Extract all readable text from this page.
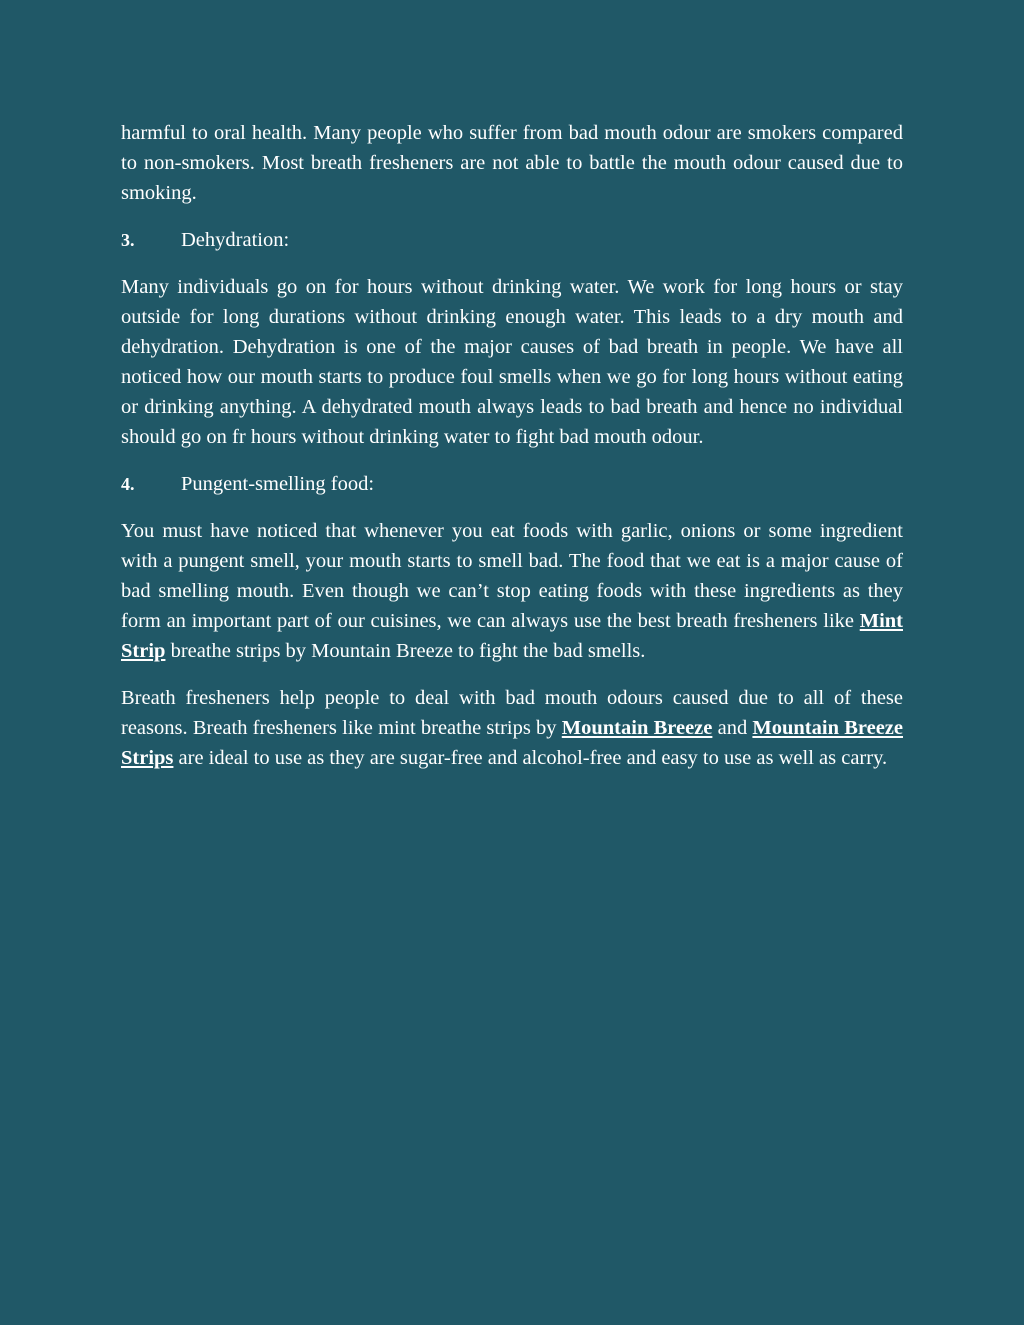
harmful to oral health. Many people who suffer from bad mouth odour are smokers compared to non-smokers. Most breath fresheners are not able to battle the mouth odour caused due to smoking.

3.	Dehydration:

Many individuals go on for hours without drinking water. We work for long hours or stay outside for long durations without drinking enough water. This leads to a dry mouth and dehydration. Dehydration is one of the major causes of bad breath in people. We have all noticed how our mouth starts to produce foul smells when we go for long hours without eating or drinking anything. A dehydrated mouth always leads to bad breath and hence no individual should go on fr hours without drinking water to fight bad mouth odour.

4.	Pungent-smelling food:

You must have noticed that whenever you eat foods with garlic, onions or some ingredient with a pungent smell, your mouth starts to smell bad. The food that we eat is a major cause of bad smelling mouth. Even though we can’t stop eating foods with these ingredients as they form an important part of our cuisines, we can always use the best breath fresheners like Mint Strip breathe strips by Mountain Breeze to fight the bad smells.

Breath fresheners help people to deal with bad mouth odours caused due to all of these reasons. Breath fresheners like mint breathe strips by Mountain Breeze and Mountain Breeze Strips are ideal to use as they are sugar-free and alcohol-free and easy to use as well as carry.
